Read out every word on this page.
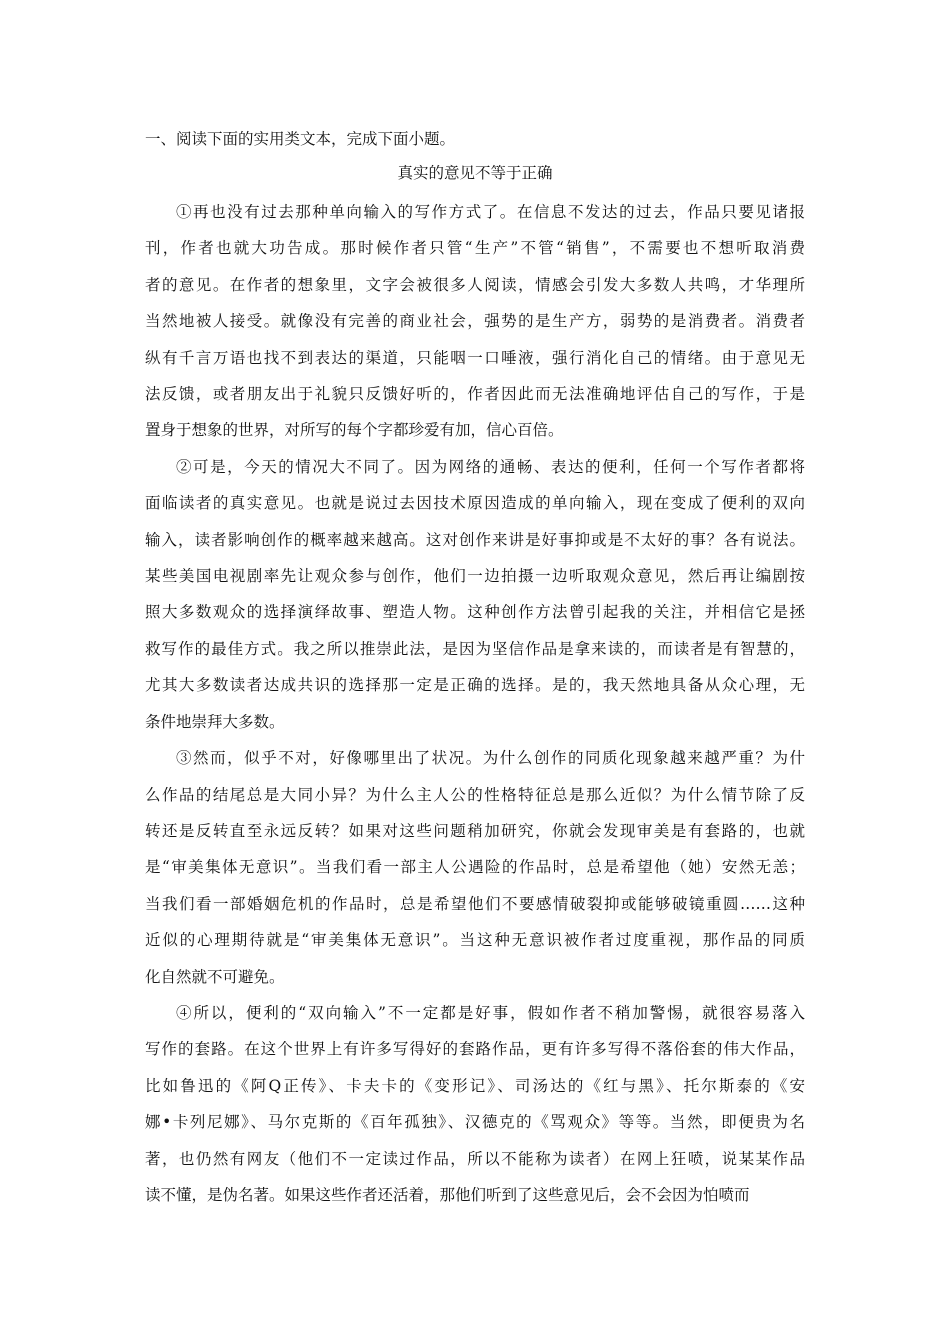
一、阅读下面的实用类文本，完成下面小题。
真实的意见不等于正确
①再也没有过去那种单向输入的写作方式了。在信息不发达的过去，作品只要见诸报
刊，作者也就大功告成。那时候作者只管“生产”不管“销售”，不需要也不想听取消费
者的意见。在作者的想象里，文字会被很多人阅读，情感会引发大多数人共鸣，才华理所
当然地被人接受。就像没有完善的商业社会，强势的是生产方，弱势的是消费者。消费者
纵有千言万语也找不到表达的渠道，只能咽一口唾液，强行消化自己的情绪。由于意见无
法反馈，或者朋友出于礼貌只反馈好听的，作者因此而无法准确地评估自己的写作，于是
置身于想象的世界，对所写的每个字都珍爱有加，信心百倍。
②可是，今天的情况大不同了。因为网络的通畅、表达的便利，任何一个写作者都将
面临读者的真实意见。也就是说过去因技术原因造成的单向输入，现在变成了便利的双向
输入，读者影响创作的概率越来越高。这对创作来讲是好事抑或是不太好的事？各有说法。
某些美国电视剧率先让观众参与创作，他们一边拍摄一边听取观众意见，然后再让编剧按
照大多数观众的选择演绎故事、塑造人物。这种创作方法曾引起我的关注，并相信它是拯
救写作的最佳方式。我之所以推崇此法，是因为坚信作品是拿来读的，而读者是有智慧的，
尤其大多数读者达成共识的选择那一定是正确的选择。是的，我天然地具备从众心理，无
条件地崇拜大多数。
③然而，似乎不对，好像哪里出了状况。为什么创作的同质化现象越来越严重？为什
么作品的结尾总是大同小异？为什么主人公的性格特征总是那么近似？为什么情节除了反
转还是反转直至永远反转？如果对这些问题稍加研究，你就会发现审美是有套路的，也就
是“审美集体无意识”。当我们看一部主人公遇险的作品时，总是希望他（她）安然无恙；
当我们看一部婚姻危机的作品时，总是希望他们不要感情破裂抑或能够破镜重圆……这种
近似的心理期待就是“审美集体无意识”。当这种无意识被作者过度重视，那作品的同质
化自然就不可避免。
④所以，便利的“双向输入”不一定都是好事，假如作者不稍加警惕，就很容易落入
写作的套路。在这个世界上有许多写得好的套路作品，更有许多写得不落俗套的伟大作品，
比如鲁迅的《阿Q正传》、卡夫卡的《变形记》、司汤达的《红与黑》、托尔斯泰的《安
娜•卡列尼娜》、马尔克斯的《百年孤独》、汉德克的《骂观众》等等。当然，即便贵为名
著，也仍然有网友（他们不一定读过作品，所以不能称为读者）在网上狂喷，说某某作品
读不懂，是伪名著。如果这些作者还活着，那他们听到了这些意见后，会不会因为怕喷而
